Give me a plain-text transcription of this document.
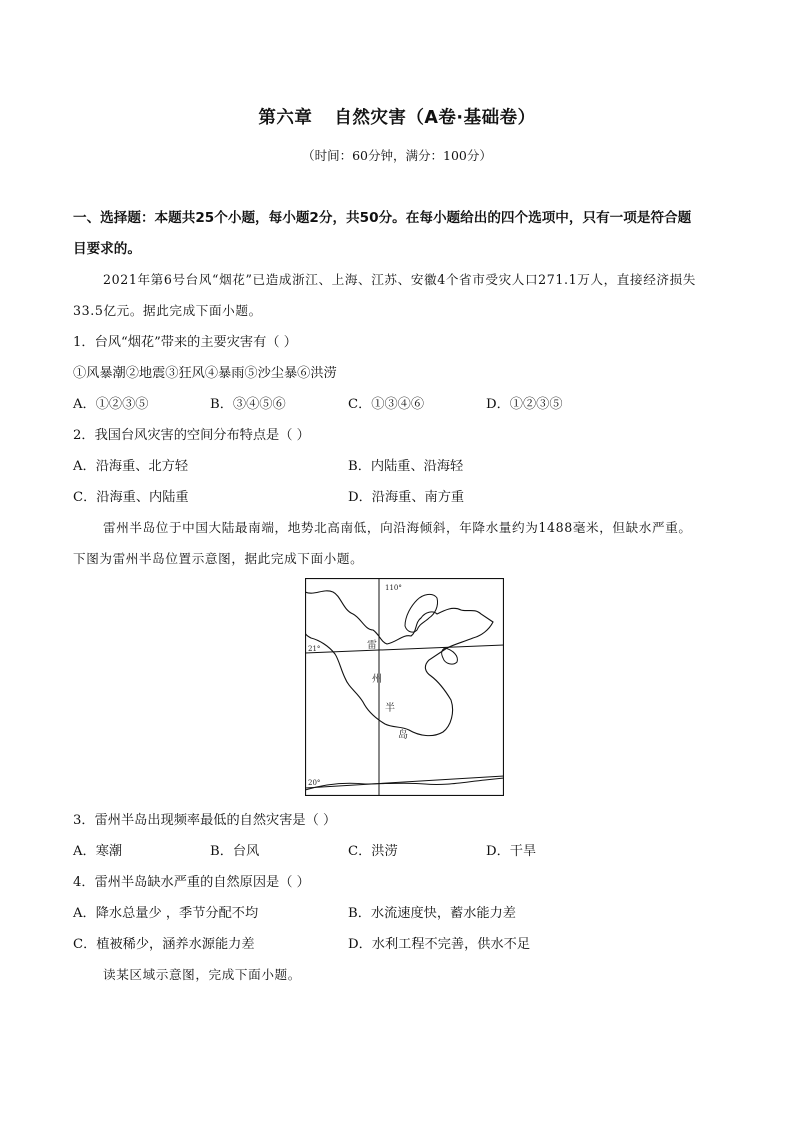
第六章 自然灾害（A卷·基础卷）
（时间：60分钟，满分：100分）
一、选择题：本题共25个小题，每小题2分，共50分。在每小题给出的四个选项中，只有一项是符合题
目要求的。
2021年第6号台风“烟花”已造成浙江、上海、江苏、安徽4个省市受灾人口271.1万人，直接经济损失
33.5亿元。据此完成下面小题。
1．台风“烟花”带来的主要灾害有（ ）
①风暴潮②地震③狂风④暴雨⑤沙尘暴⑥洪涝
A．①②③⑤	B．③④⑤⑥	C．①③④⑥	D．①②③⑤
2．我国台风灾害的空间分布特点是（ ）
A．沿海重、北方轻	B．内陆重、沿海轻
C．沿海重、内陆重	D．沿海重、南方重
雷州半岛位于中国大陆最南端，地势北高南低，向沿海倾斜，年降水量约为1488毫米，但缺水严重。
下图为雷州半岛位置示意图，据此完成下面小题。
110°
21°
20°
雷
州
半
岛
3．雷州半岛出现频率最低的自然灾害是（ ）
A．寒潮	B．台风	C．洪涝	D．干旱
4．雷州半岛缺水严重的自然原因是（ ）
A．降水总量少 ，季节分配不均	B．水流速度快，蓄水能力差
C．植被稀少，涵养水源能力差	D．水利工程不完善，供水不足
读某区域示意图，完成下面小题。
